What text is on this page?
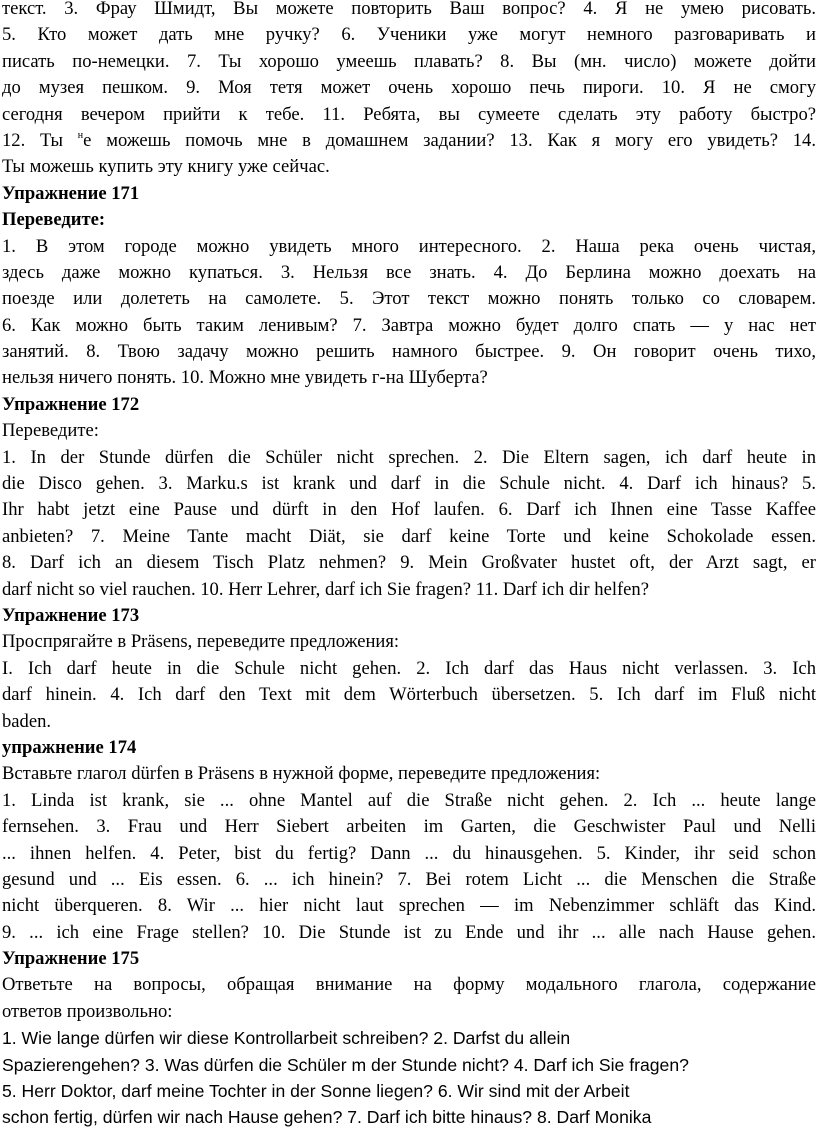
текст. 3. Фрау Шмидт, Вы можете повторить Ваш вопрос? 4. Я не умею рисовать.
5. Кто может дать мне ручку? 6. Ученики уже могут немного разговаривать и
писать по-немецки. 7. Ты хорошо умеешь плавать? 8. Вы (мн. число) можете дойти
до музея пешком. 9. Моя тетя может очень хорошо печь пироги. 10. Я не смогу
сегодня вечером прийти к тебе. 11. Ребята, вы сумеете сделать эту работу быстро?
12. Ты $^н$е можешь помочь мне в домашнем задании? 13. Как я могу его увидеть? 14.
Ты можешь купить эту книгу уже сейчас.
Упражнение 171
Переведите:
1. В этом городе можно увидеть много интересного. 2. Наша река очень чистая,
здесь даже можно купаться. 3. Нельзя все знать. 4. До Берлина можно доехать на
поезде или долететь на самолете. 5. Этот текст можно понять только со словарем.
6. Как можно быть таким ленивым? 7. Завтра можно будет долго спать — у нас нет
занятий. 8. Твою задачу можно решить намного быстрее. 9. Он говорит очень тихо,
нельзя ничего понять. 10. Можно мне увидеть г-на Шуберта?
Упражнение 172
Переведите:
1. In der Stunde dürfen die Schüler nicht sprechen. 2. Die Eltern sagen, ich darf heute in
die Disco gehen. 3. Marku.s ist krank und darf in die Schule nicht. 4. Darf ich hinaus? 5.
Ihr habt jetzt eine Pause und dürft in den Hof laufen. 6. Darf ich Ihnen eine Tasse Kaffee
anbieten? 7. Meine Tante macht Diät, sie darf keine Torte und keine Schokolade essen.
8. Darf ich an diesem Tisch Platz nehmen? 9. Mein Großvater hustet oft, der Arzt sagt, er
darf nicht so viel rauchen. 10. Herr Lehrer, darf ich Sie fragen? 11. Darf ich dir helfen?
Упражнение 173
Проспрягайте в Präsens, переведите предложения:
I. Ich darf heute in die Schule nicht gehen. 2. Ich darf das Haus nicht verlassen. 3. Ich
darf hinein. 4. Ich darf den Text mit dem Wörterbuch übersetzen. 5. Ich darf im Fluß nicht
baden.
упражнение 174
Вставьте глагол dürfen в Präsens в нужной форме, переведите предложения:
1. Linda ist krank, sie ... ohne Mantel auf die Straße nicht gehen. 2. Ich ... heute lange
fernsehen. 3. Frau und Herr Siebert arbeiten im Garten, die Geschwister Paul und Nelli
... ihnen helfen. 4. Peter, bist du fertig? Dann ... du hinausgehen. 5. Kinder, ihr seid schon
gesund und ... Eis essen. 6. ... ich hinein? 7. Bei rotem Licht ... die Menschen die Straße
nicht überqueren. 8. Wir ... hier nicht laut sprechen — im Nebenzimmer schläft das Kind.
9. ... ich eine Frage stellen? 10. Die Stunde ist zu Ende und ihr ... alle nach Hause gehen.
Упражнение 175
Ответьте на вопросы, обращая внимание на форму модального глагола, содержание
ответов произвольно:
1. Wie lange dürfen wir diese Kontrollarbeit schreiben? 2. Darfst du allein
Spazierengehen? 3. Was dürfen die Schüler m der Stunde nicht? 4. Darf ich Sie fragen?
5. Herr Doktor, darf meine Tochter in der Sonne liegen? 6. Wir sind mit der Arbeit
schon fertig, dürfen wir nach Hause gehen? 7. Darf ich bitte hinaus? 8. Darf Monika
